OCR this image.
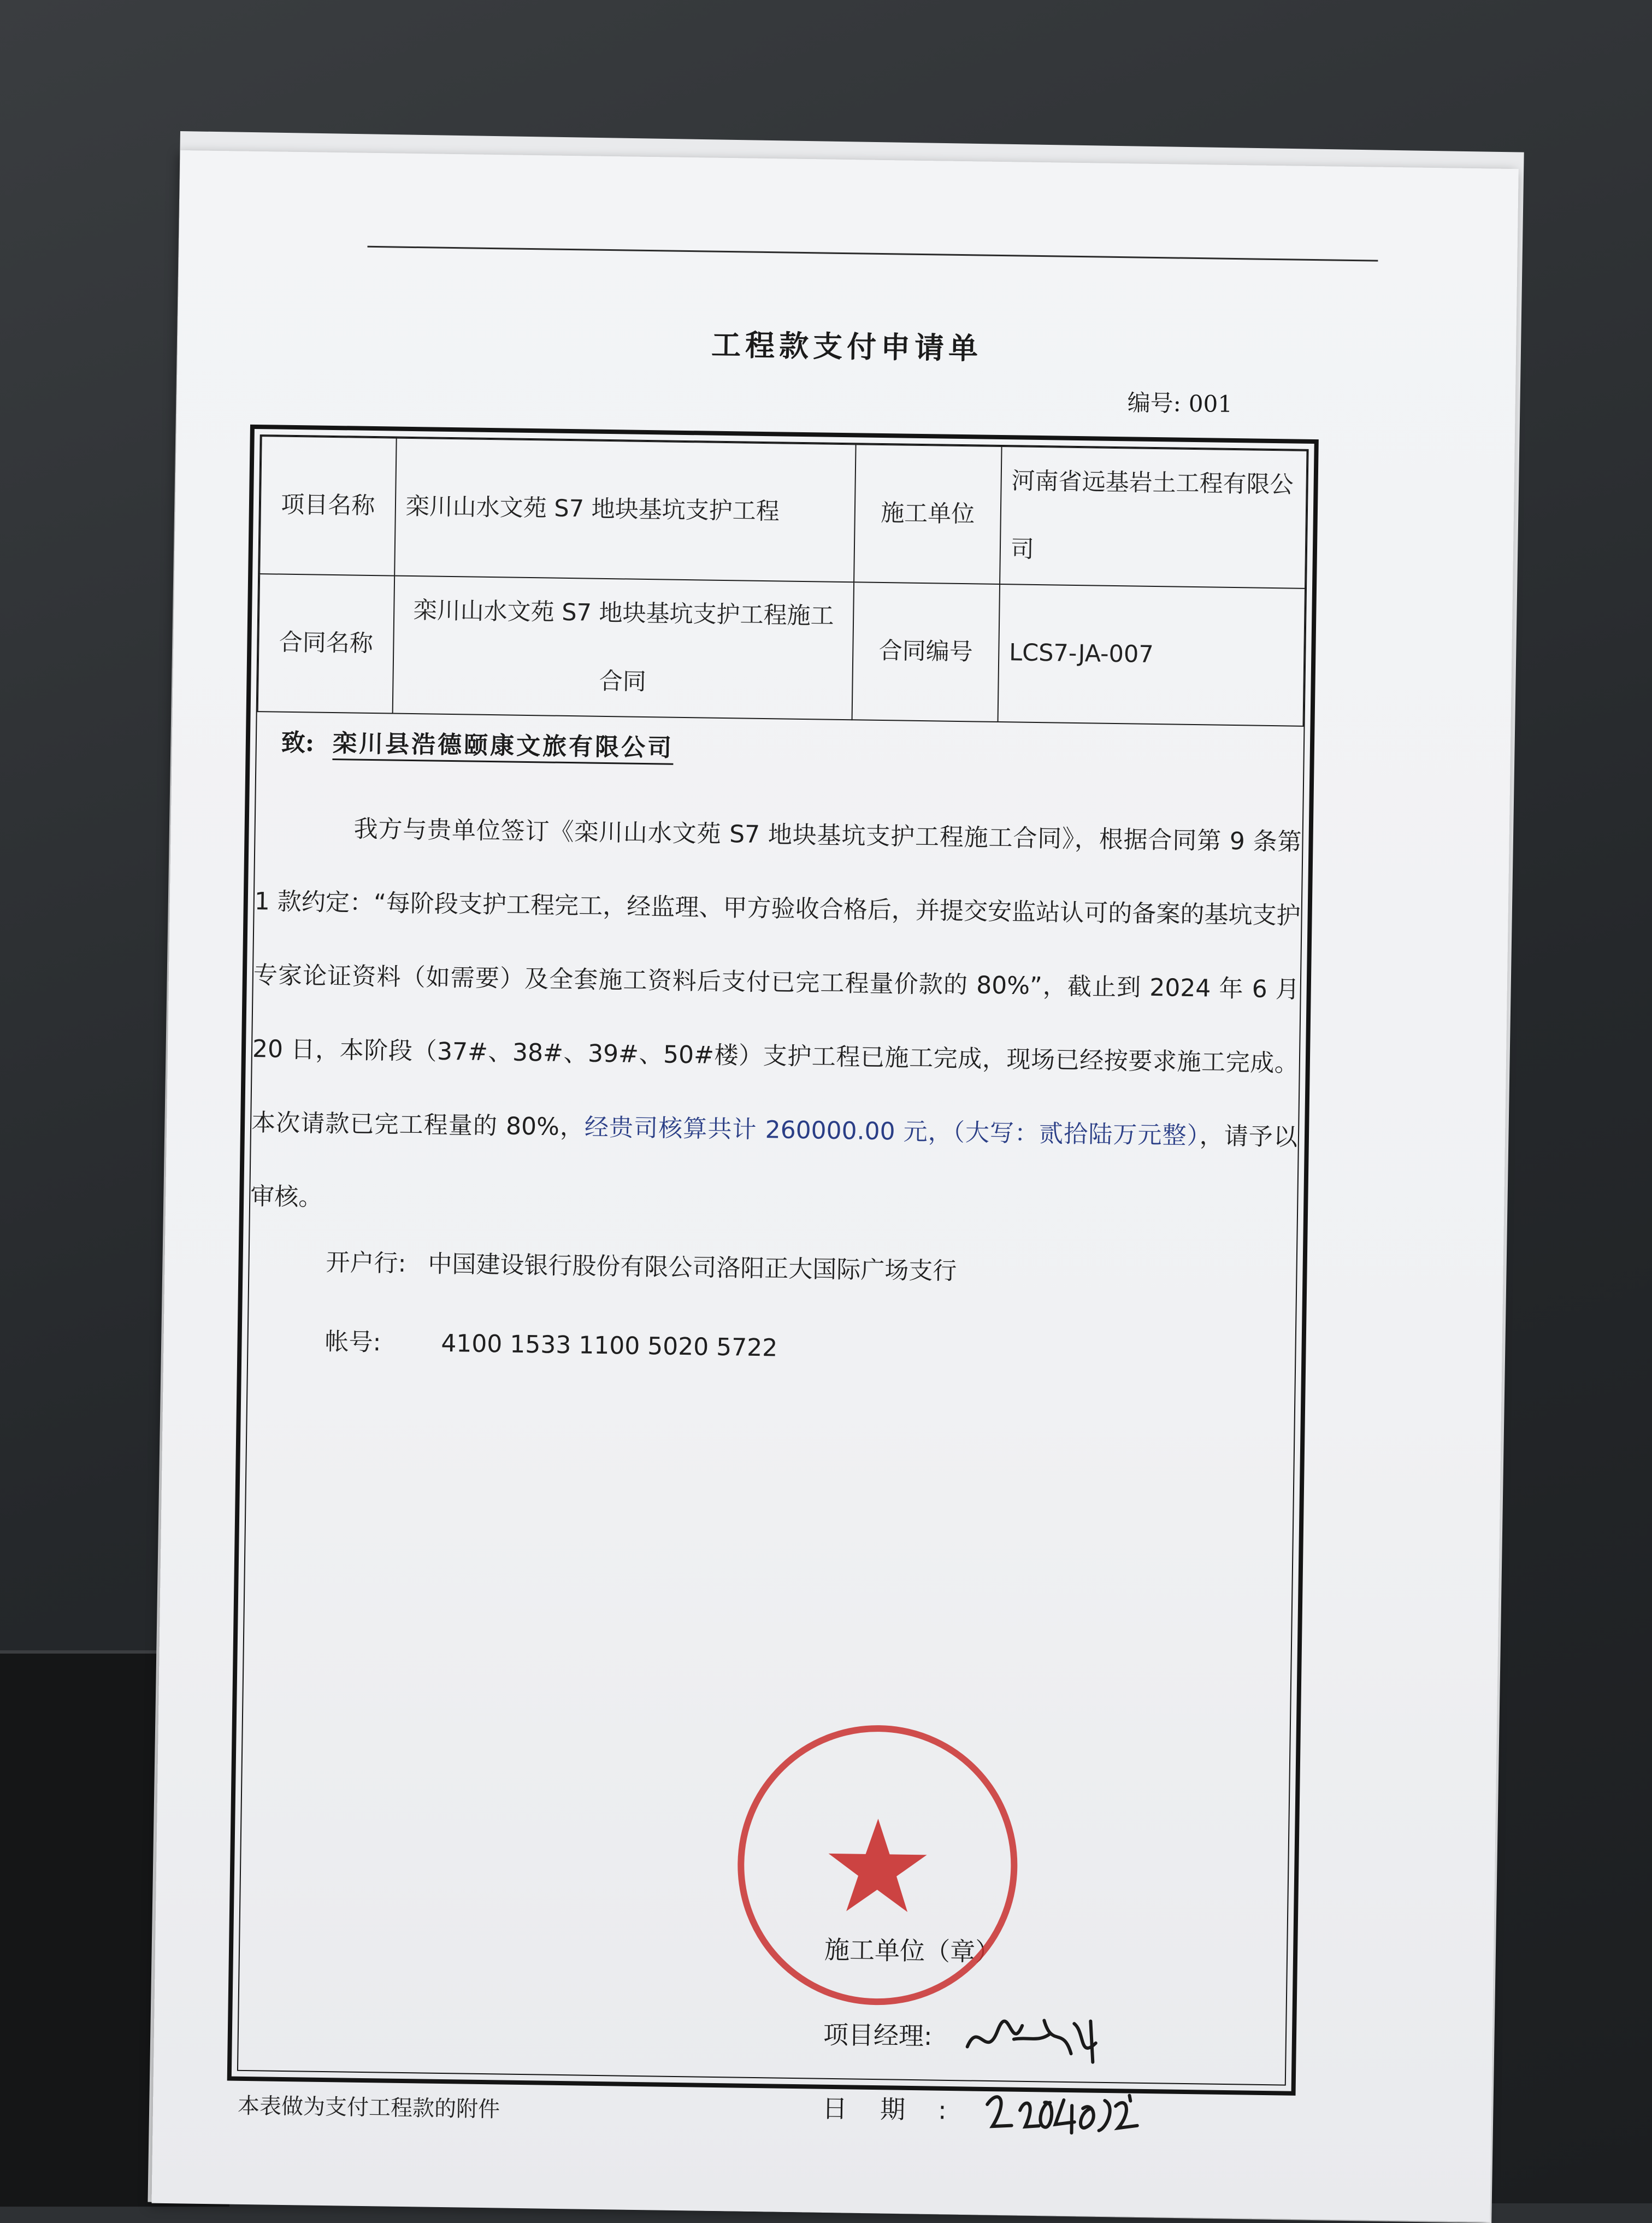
工程款支付申请单
编号: 001
项目名称	栾川山水文苑 S7 地块基坑支护工程	施工单位	河南省远基岩土工程有限公司
合同名称	栾川山水文苑 S7 地块基坑支护工程施工合同	合同编号	LCS7-JA-007
致: 栾川县浩德颐康文旅有限公司
我方与贵单位签订《栾川山水文苑 S7 地块基坑支护工程施工合同》，根据合同第 9 条第 1 款约定：“每阶段支护工程完工，经监理、甲方验收合格后，并提交安监站认可的备案的基坑支护专家论证资料（如需要）及全套施工资料后支付已完工程量价款的 80%”，截止到 2024 年 6 月 20 日，本阶段（37#、38#、39#、50#楼）支护工程已施工完成，现场已经按要求施工完成。本次请款已完工程量的 80%，经贵司核算共计 260000.00 元，（大写：贰拾陆万元整），请予以审核。
开户行: 中国建设银行股份有限公司洛阳正大国际广场支行
帐号: 4100 1533 1100 5020 5722
施工单位（章）
项目经理:
日期:
本表做为支付工程款的附件
